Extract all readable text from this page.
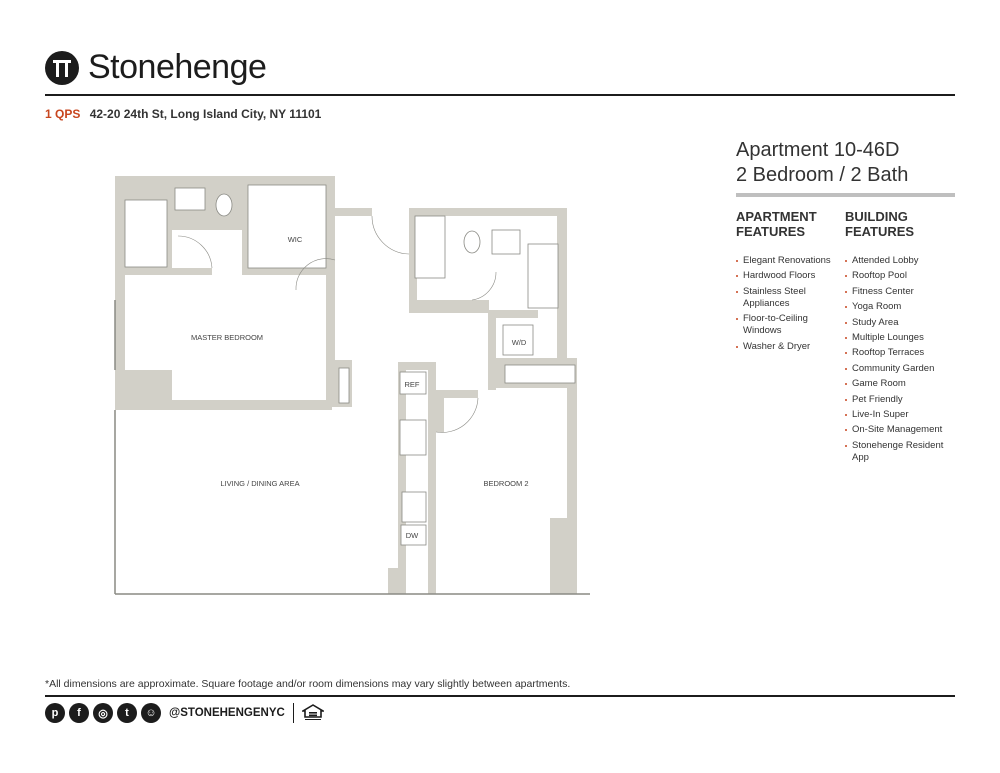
Stonehenge
1 QPS 42-20 24th St, Long Island City, NY 11101
Apartment 10-46D
2 Bedroom / 2 Bath
APARTMENT
FEATURES
Elegant Renovations
Hardwood Floors
Stainless Steel Appliances
Floor-to-Ceiling Windows
Washer & Dryer
BUILDING
FEATURES
Attended Lobby
Rooftop Pool
Fitness Center
Yoga Room
Study Area
Multiple Lounges
Rooftop Terraces
Community Garden
Game Room
Pet Friendly
Live-In Super
On-Site Management
Stonehenge Resident App
WIC
MASTER BEDROOM
LIVING / DINING AREA	BEDROOM 2
W/D
REF
DW
*All dimensions are approximate. Square footage and/or room dimensions may vary slightly between apartments.
p	f	◎	t	☺	@STONEHENGENYC
